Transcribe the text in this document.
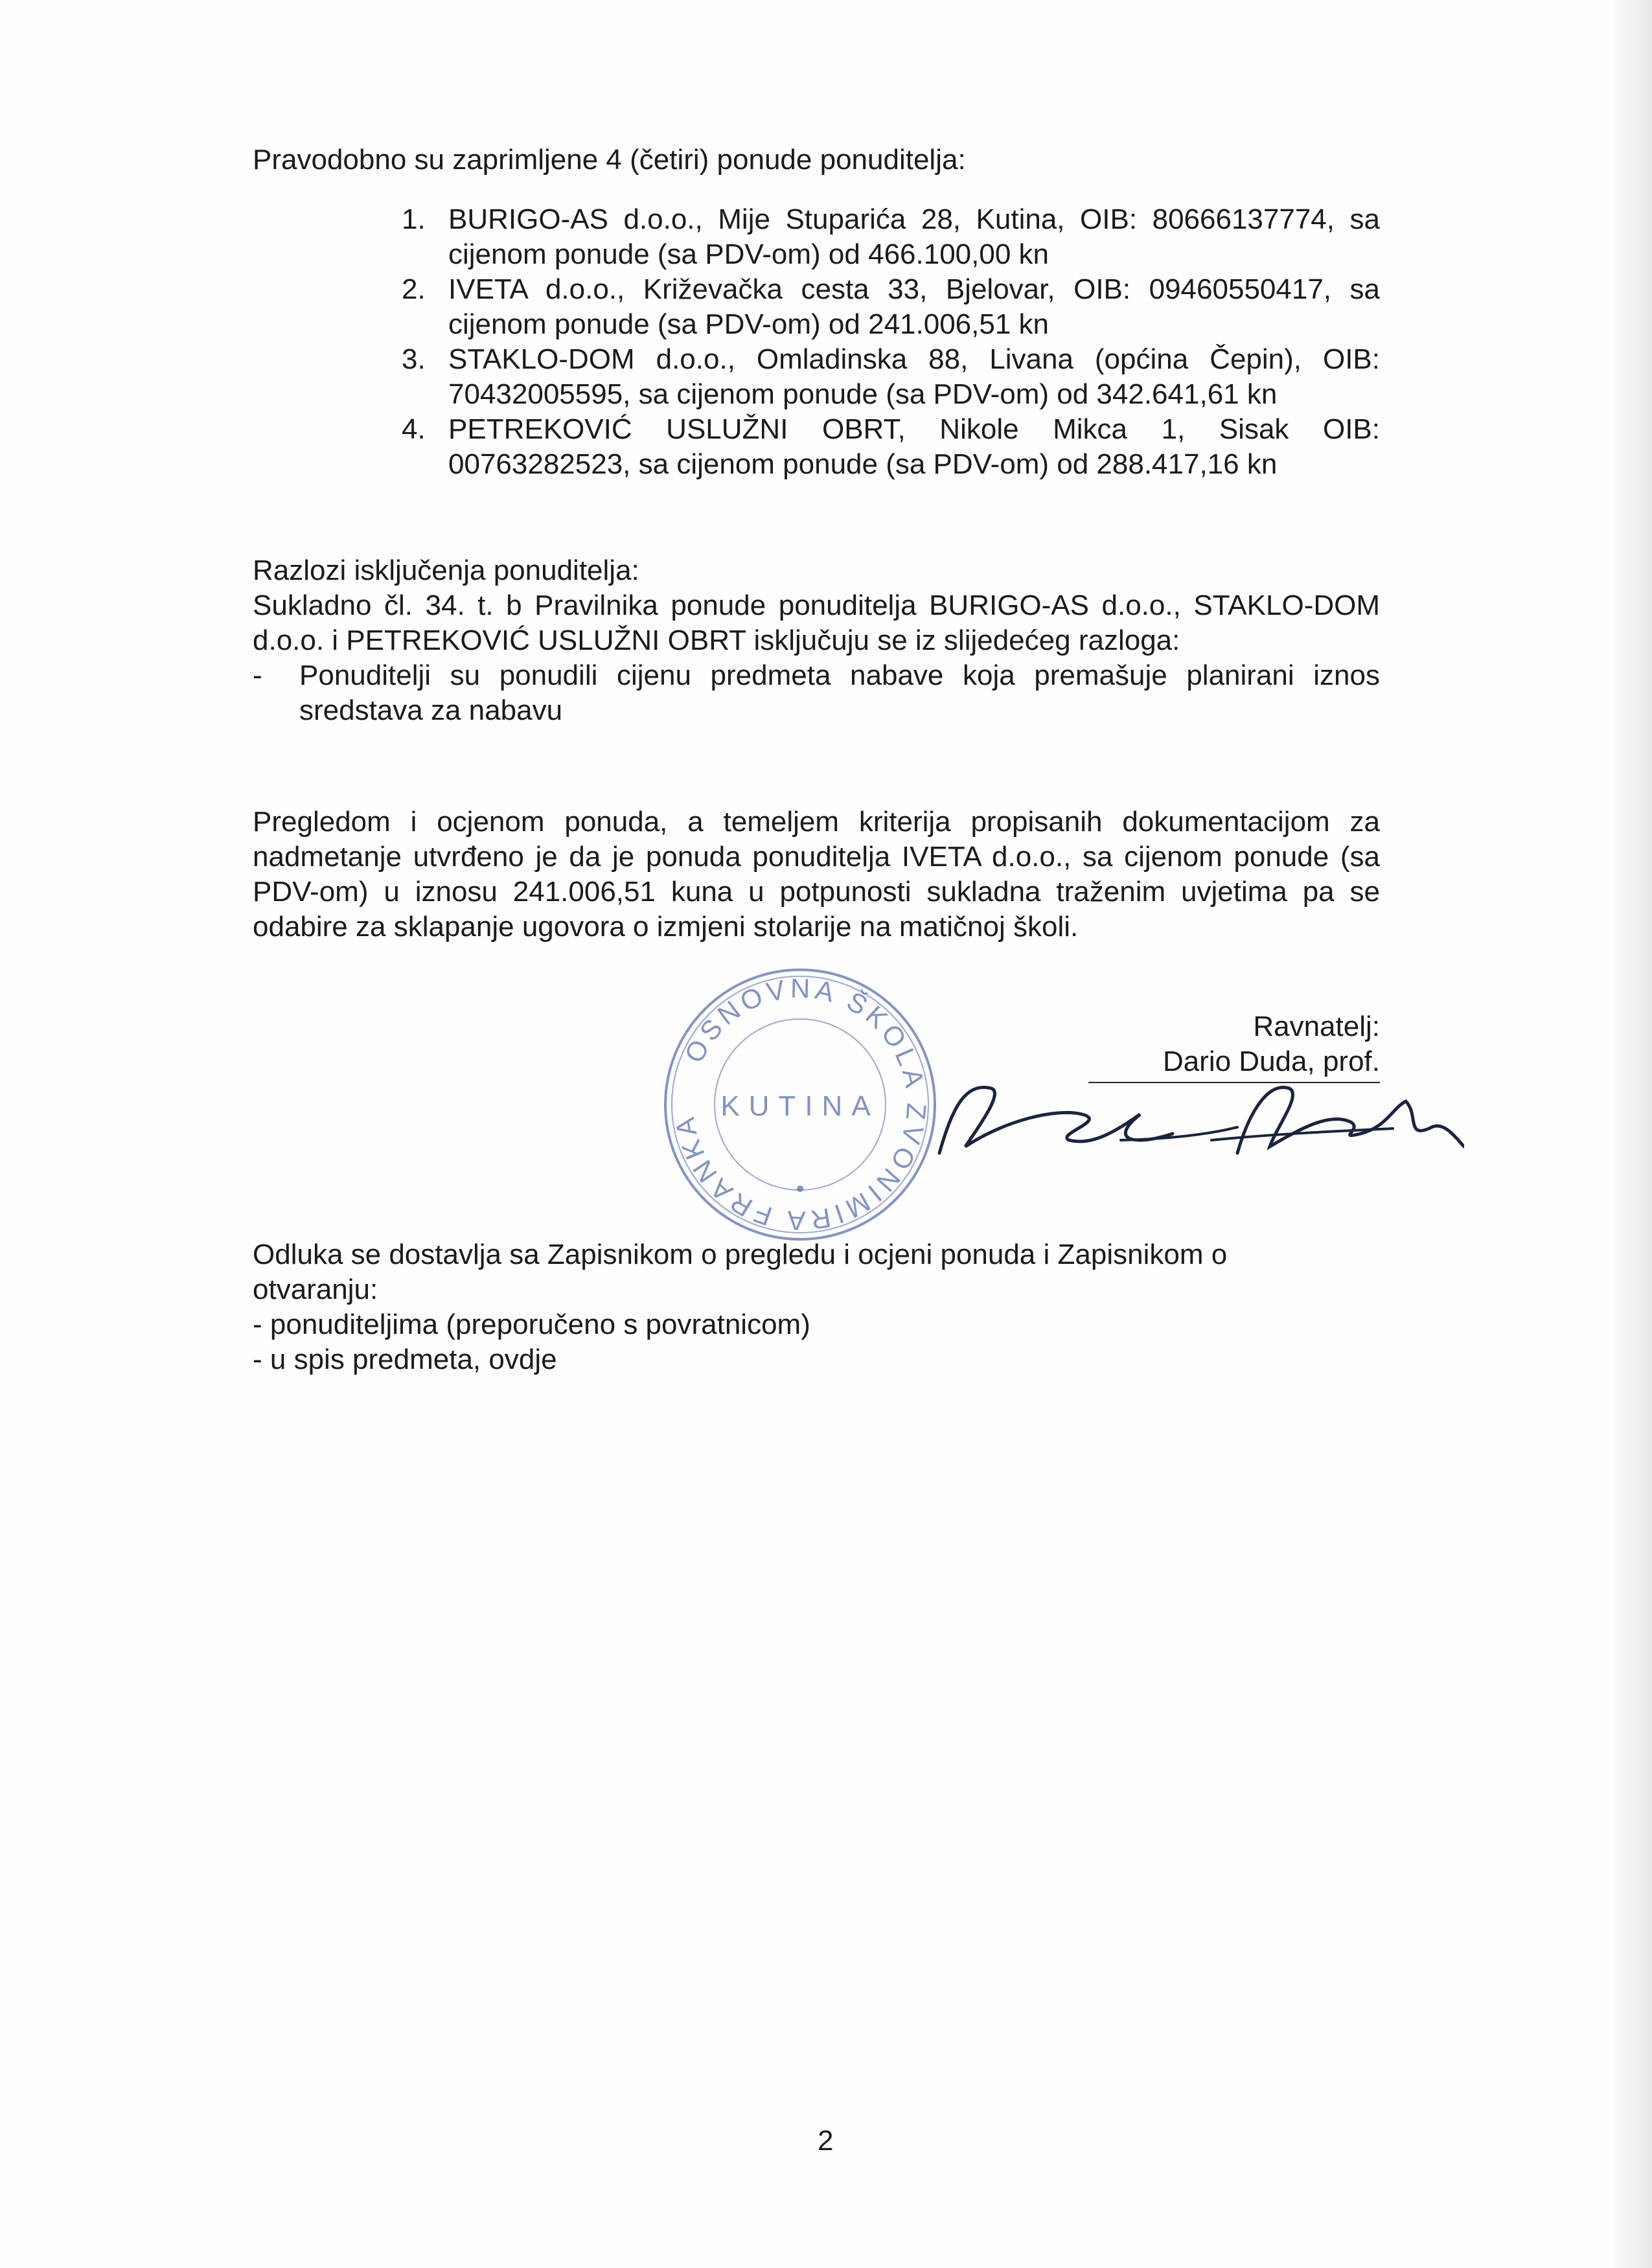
Pravodobno su zaprimljene 4 (četiri) ponude ponuditelja:

1. BURIGO-AS d.o.o., Mije Stuparića 28, Kutina, OIB: 80666137774, sa cijenom ponude (sa PDV-om) od 466.100,00 kn
2. IVETA d.o.o., Križevačka cesta 33, Bjelovar, OIB: 09460550417, sa cijenom ponude (sa PDV-om) od 241.006,51 kn
3. STAKLO-DOM d.o.o., Omladinska 88, Livana (općina Čepin), OIB: 70432005595, sa cijenom ponude (sa PDV-om) od 342.641,61 kn
4. PETREKOVIĆ USLUŽNI OBRT, Nikole Mikca 1, Sisak OIB: 00763282523, sa cijenom ponude (sa PDV-om) od 288.417,16 kn

Razlozi isključenja ponuditelja:

Sukladno čl. 34. t. b Pravilnika ponude ponuditelja BURIGO-AS d.o.o., STAKLO-DOM d.o.o. i PETREKOVIĆ USLUŽNI OBRT isključuju se iz slijedećeg razloga:

-	Ponuditelji su ponudili cijenu predmeta nabave koja premašuje planirani iznos sredstava za nabavu

Pregledom i ocjenom ponuda, a temeljem kriterija propisanih dokumentacijom za nadmetanje utvrđeno je da je ponuda ponuditelja IVETA d.o.o., sa cijenom ponude (sa PDV-om) u iznosu 241.006,51 kuna u potpunosti sukladna traženim uvjetima pa se odabire za sklapanje ugovora o izmjeni stolarije na matičnoj školi.

Ravnatelj:

Dario Duda, prof.

Odluka se dostavlja sa Zapisnikom o pregledu i ocjeni ponuda i Zapisnikom o

otvaranju:

- ponuditeljima (preporučeno s povratnicom)

- u spis predmeta, ovdje

OSNOVNA ŠKOLA ZVONIMIRA FRANKA
KUTINA
2
